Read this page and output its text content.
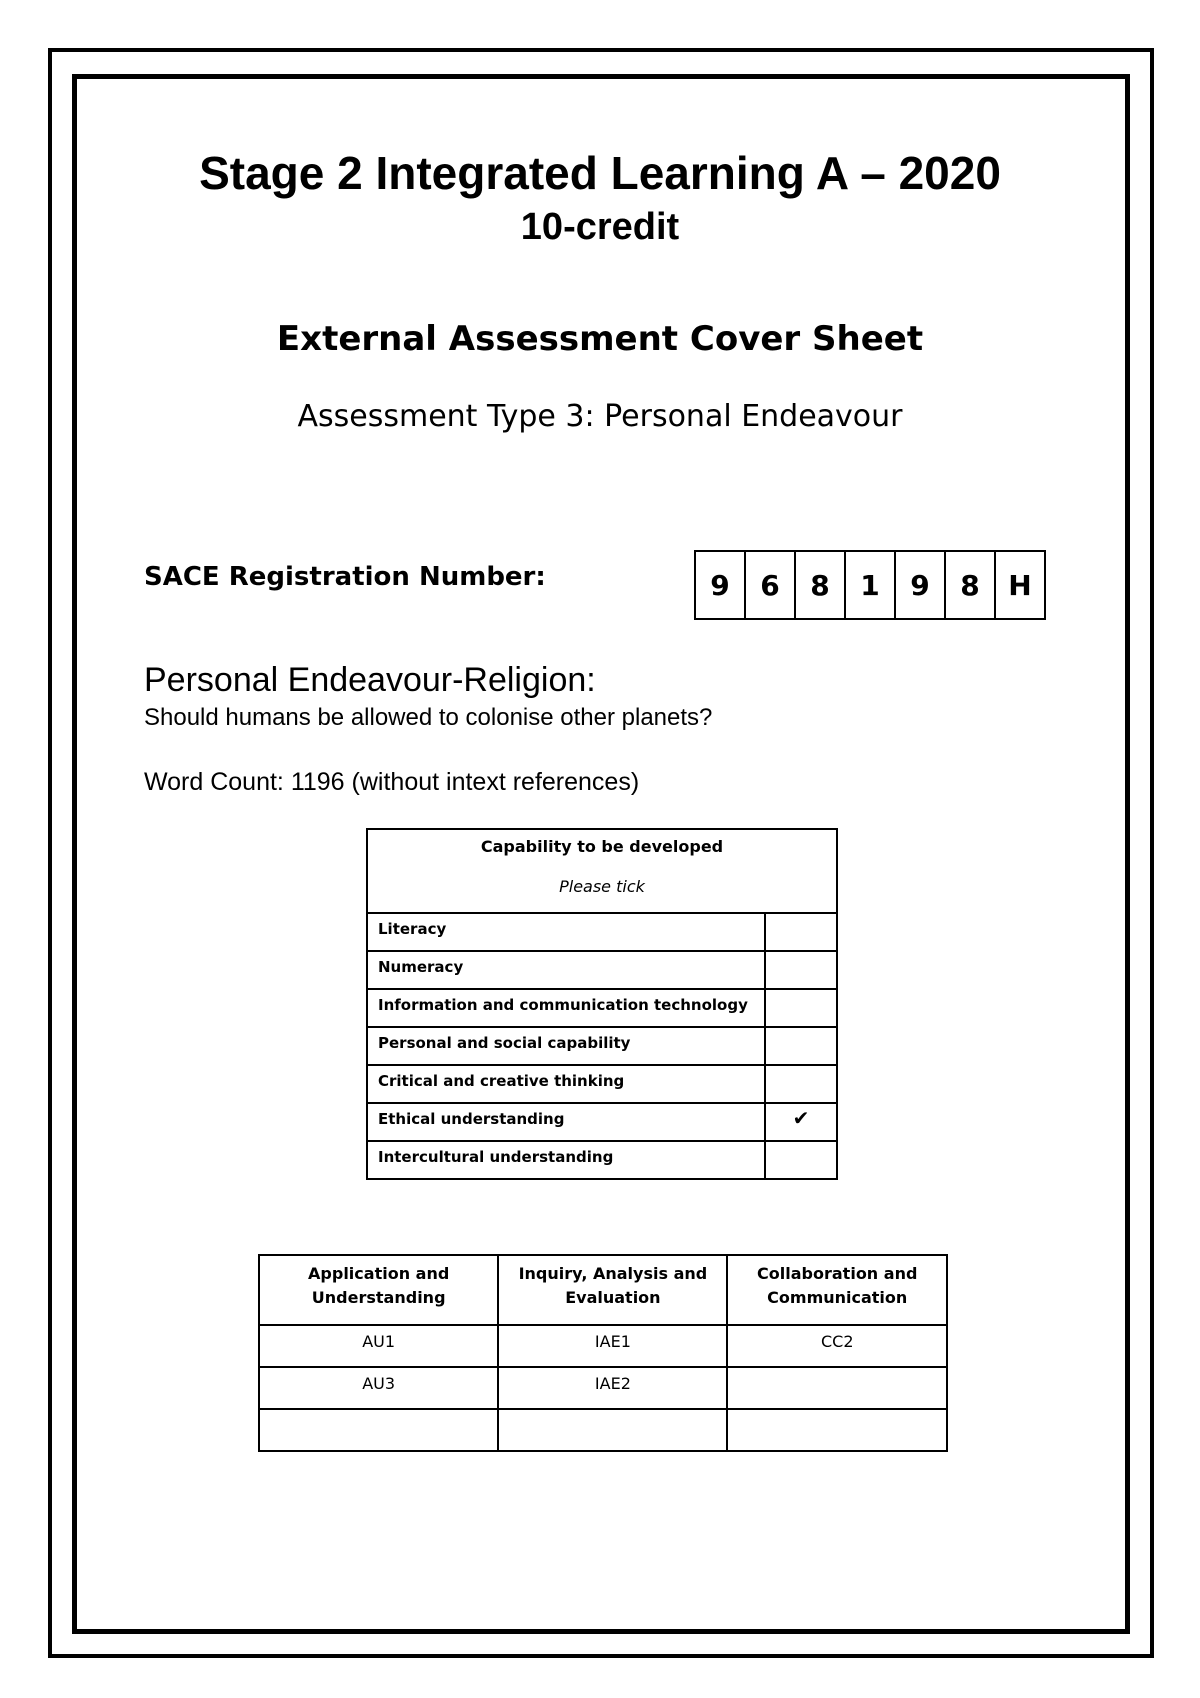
Stage 2 Integrated Learning A – 2020
10-credit
External Assessment Cover Sheet
Assessment Type 3: Personal Endeavour
SACE Registration Number:	9	6	8	1	9	8	H
Personal Endeavour-Religion:
Should humans be allowed to colonise other planets?
Word Count: 1196 (without intext references)
Capability to be developed
Please tick	

Literacy	
Numeracy	
Information and communication technology	
Personal and social capability	
Critical and creative thinking	
Ethical understanding	✔
Intercultural understanding	
Application and Understanding	Inquiry, Analysis and Evaluation	Collaboration and Communication
AU1	IAE1	CC2
AU3	IAE2	
